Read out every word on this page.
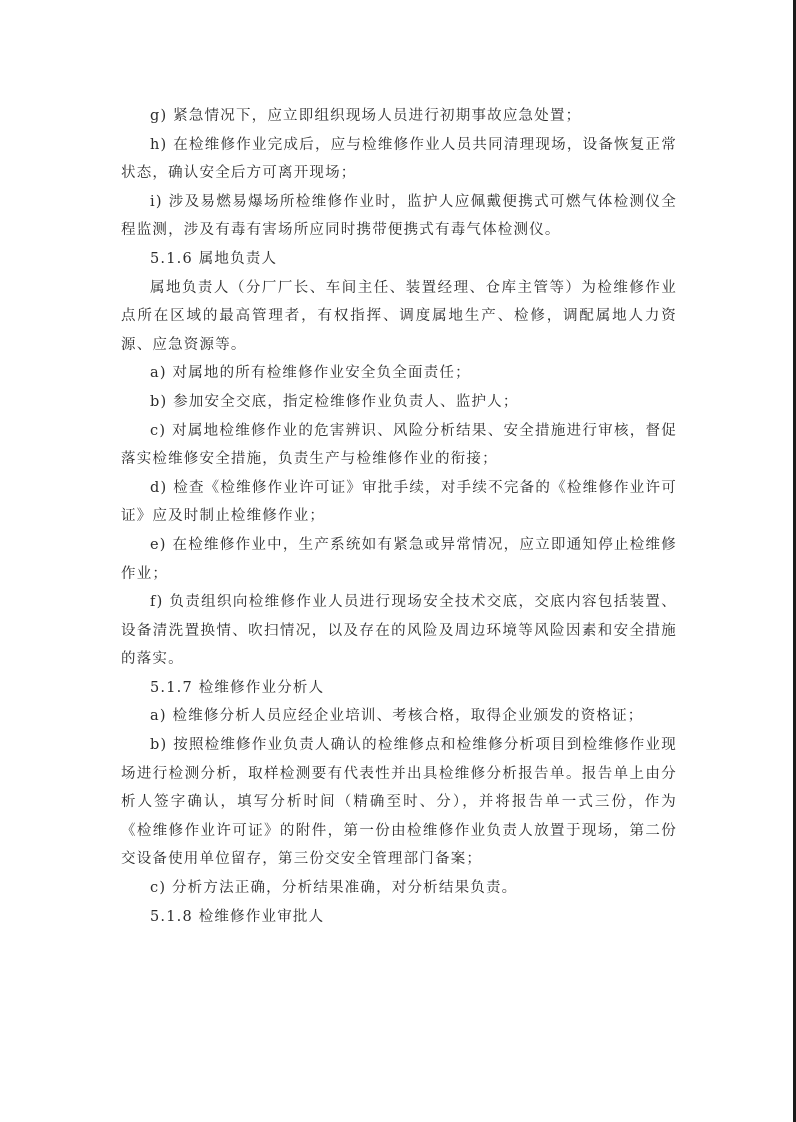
g) 紧急情况下，应立即组织现场人员进行初期事故应急处置；

h) 在检维修作业完成后，应与检维修作业人员共同清理现场，设备恢复正常状态，确认安全后方可离开现场；

i) 涉及易燃易爆场所检维修作业时，监护人应佩戴便携式可燃气体检测仪全程监测，涉及有毒有害场所应同时携带便携式有毒气体检测仪。

5.1.6 属地负责人

属地负责人（分厂厂长、车间主任、装置经理、仓库主管等）为检维修作业点所在区域的最高管理者，有权指挥、调度属地生产、检修，调配属地人力资源、应急资源等。

a) 对属地的所有检维修作业安全负全面责任；

b) 参加安全交底，指定检维修作业负责人、监护人；

c) 对属地检维修作业的危害辨识、风险分析结果、安全措施进行审核，督促落实检维修安全措施，负责生产与检维修作业的衔接；

d) 检查《检维修作业许可证》审批手续，对手续不完备的《检维修作业许可证》应及时制止检维修作业；

e) 在检维修作业中，生产系统如有紧急或异常情况，应立即通知停止检维修作业；

f) 负责组织向检维修作业人员进行现场安全技术交底，交底内容包括装置、设备清洗置换情、吹扫情况，以及存在的风险及周边环境等风险因素和安全措施的落实。

5.1.7 检维修作业分析人

a) 检维修分析人员应经企业培训、考核合格，取得企业颁发的资格证；

b) 按照检维修作业负责人确认的检维修点和检维修分析项目到检维修作业现场进行检测分析，取样检测要有代表性并出具检维修分析报告单。报告单上由分析人签字确认，填写分析时间（精确至时、分），并将报告单一式三份，作为《检维修作业许可证》的附件，第一份由检维修作业负责人放置于现场，第二份交设备使用单位留存，第三份交安全管理部门备案；

c) 分析方法正确，分析结果准确，对分析结果负责。

5.1.8 检维修作业审批人
